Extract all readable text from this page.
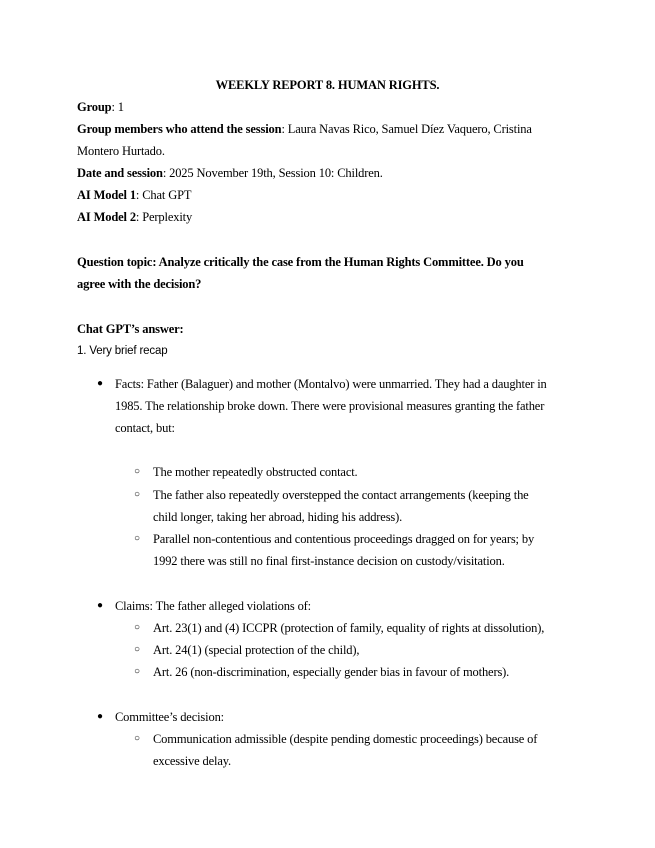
WEEKLY REPORT 8. HUMAN RIGHTS.

Group: 1

Group members who attend the session: Laura Navas Rico, Samuel Díez Vaquero, Cristina

Montero Hurtado.

Date and session: 2025 November 19th, Session 10: Children.

AI Model 1: Chat GPT

AI Model 2: Perplexity

Question topic: Analyze critically the case from the Human Rights Committee. Do you

agree with the decision?

Chat GPT’s answer:

1. Very brief recap

● Facts: Father (Balaguer) and mother (Montalvo) were unmarried. They had a daughter in

1985. The relationship broke down. There were provisional measures granting the father

contact, but:

○ The mother repeatedly obstructed contact.

○ The father also repeatedly overstepped the contact arrangements (keeping the

child longer, taking her abroad, hiding his address).

○ Parallel non-contentious and contentious proceedings dragged on for years; by

1992 there was still no final first-instance decision on custody/visitation.

● Claims: The father alleged violations of:

○ Art. 23(1) and (4) ICCPR (protection of family, equality of rights at dissolution),

○ Art. 24(1) (special protection of the child),

○ Art. 26 (non-discrimination, especially gender bias in favour of mothers).

● Committee’s decision:

○ Communication admissible (despite pending domestic proceedings) because of

excessive delay.
